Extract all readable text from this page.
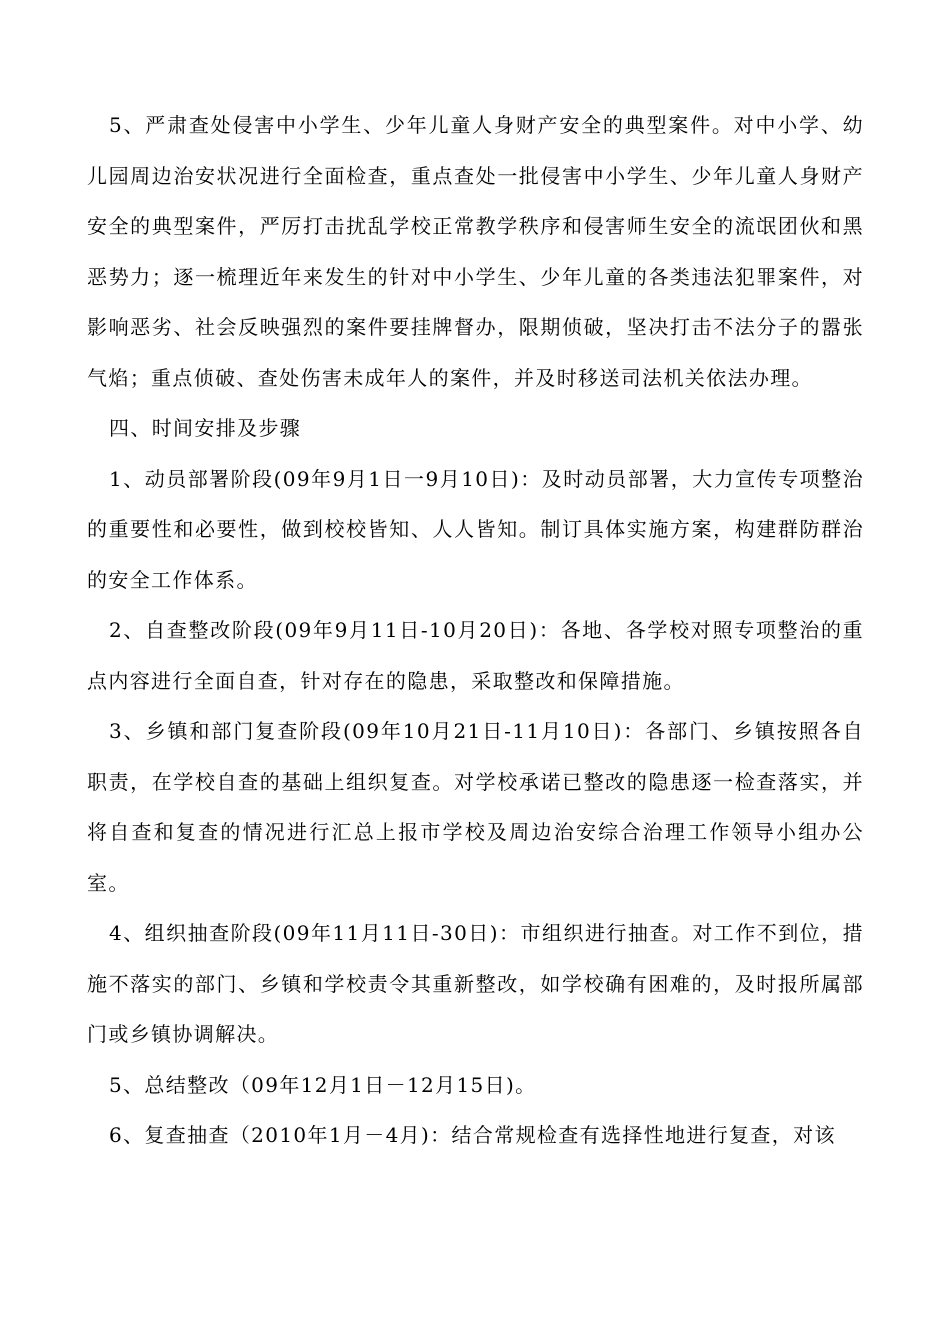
5、严肃查处侵害中小学生、少年儿童人身财产安全的典型案件。对中小学、幼儿园周边治安状况进行全面检查，重点查处一批侵害中小学生、少年儿童人身财产安全的典型案件，严厉打击扰乱学校正常教学秩序和侵害师生安全的流氓团伙和黑恶势力；逐一梳理近年来发生的针对中小学生、少年儿童的各类违法犯罪案件，对影响恶劣、社会反映强烈的案件要挂牌督办，限期侦破，坚决打击不法分子的嚣张气焰；重点侦破、查处伤害未成年人的案件，并及时移送司法机关依法办理。

四、时间安排及步骤

1、动员部署阶段(09年9月1日一9月10日)：及时动员部署，大力宣传专项整治的重要性和必要性，做到校校皆知、人人皆知。制订具体实施方案，构建群防群治的安全工作体系。

2、自查整改阶段(09年9月11日-10月20日)：各地、各学校对照专项整治的重点内容进行全面自查，针对存在的隐患，采取整改和保障措施。

3、乡镇和部门复查阶段(09年10月21日-11月10日)：各部门、乡镇按照各自职责，在学校自查的基础上组织复查。对学校承诺已整改的隐患逐一检查落实，并将自查和复查的情况进行汇总上报市学校及周边治安综合治理工作领导小组办公室。

4、组织抽查阶段(09年11月11日-30日)：市组织进行抽查。对工作不到位，措施不落实的部门、乡镇和学校责令其重新整改，如学校确有困难的，及时报所属部门或乡镇协调解决。

5、总结整改（09年12月1日－12月15日)。

6、复查抽查（2010年1月－4月)：结合常规检查有选择性地进行复查，对该
